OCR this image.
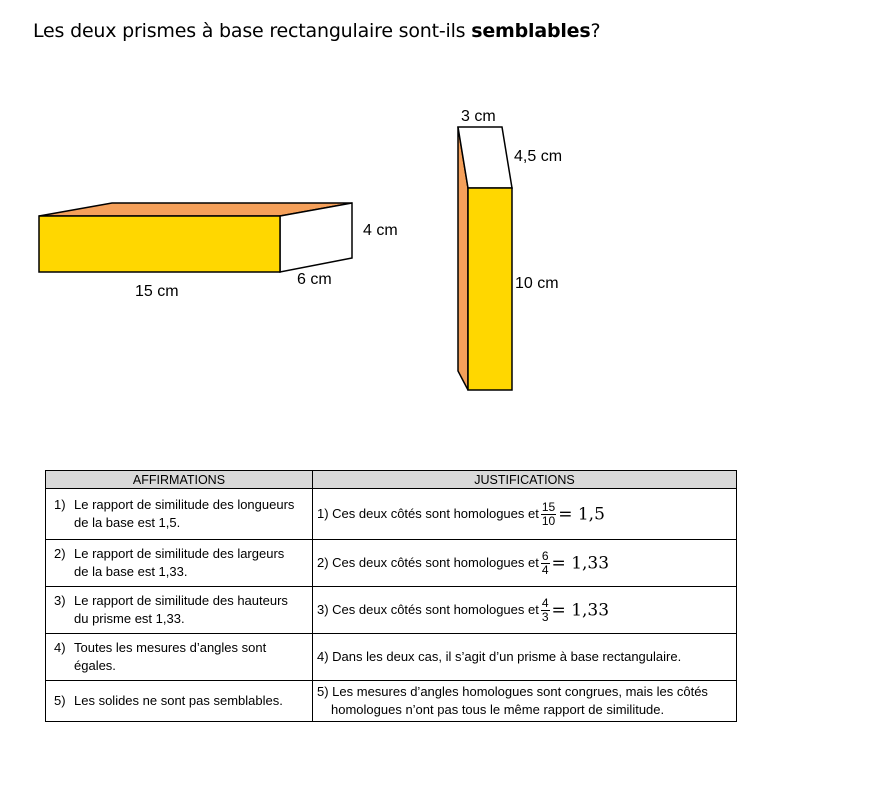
Les deux prismes à base rectangulaire sont-ils semblables?
4 cm
6 cm
15 cm
3 cm
4,5 cm
10 cm
AFFIRMATIONS	JUSTIFICATIONS
1) Le rapport de similitude des longueurs de la base est 1,5.	1) Ces deux côtés sont homologues et $\frac{15}{10} = 1,5$
2) Le rapport de similitude des largeurs de la base est 1,33.	2) Ces deux côtés sont homologues et $\frac{6}{4} = 1,33$
3) Le rapport de similitude des hauteurs du prisme est 1,33.	3) Ces deux côtés sont homologues et $\frac{4}{3} = 1,33$
4) Toutes les mesures d’angles sont égales.	4) Dans les deux cas, il s’agit d’un prisme à base rectangulaire.
5) Les solides ne sont pas semblables.	5) Les mesures d’angles homologues sont congrues, mais les côtés homologues n’ont pas tous le même rapport de similitude.
